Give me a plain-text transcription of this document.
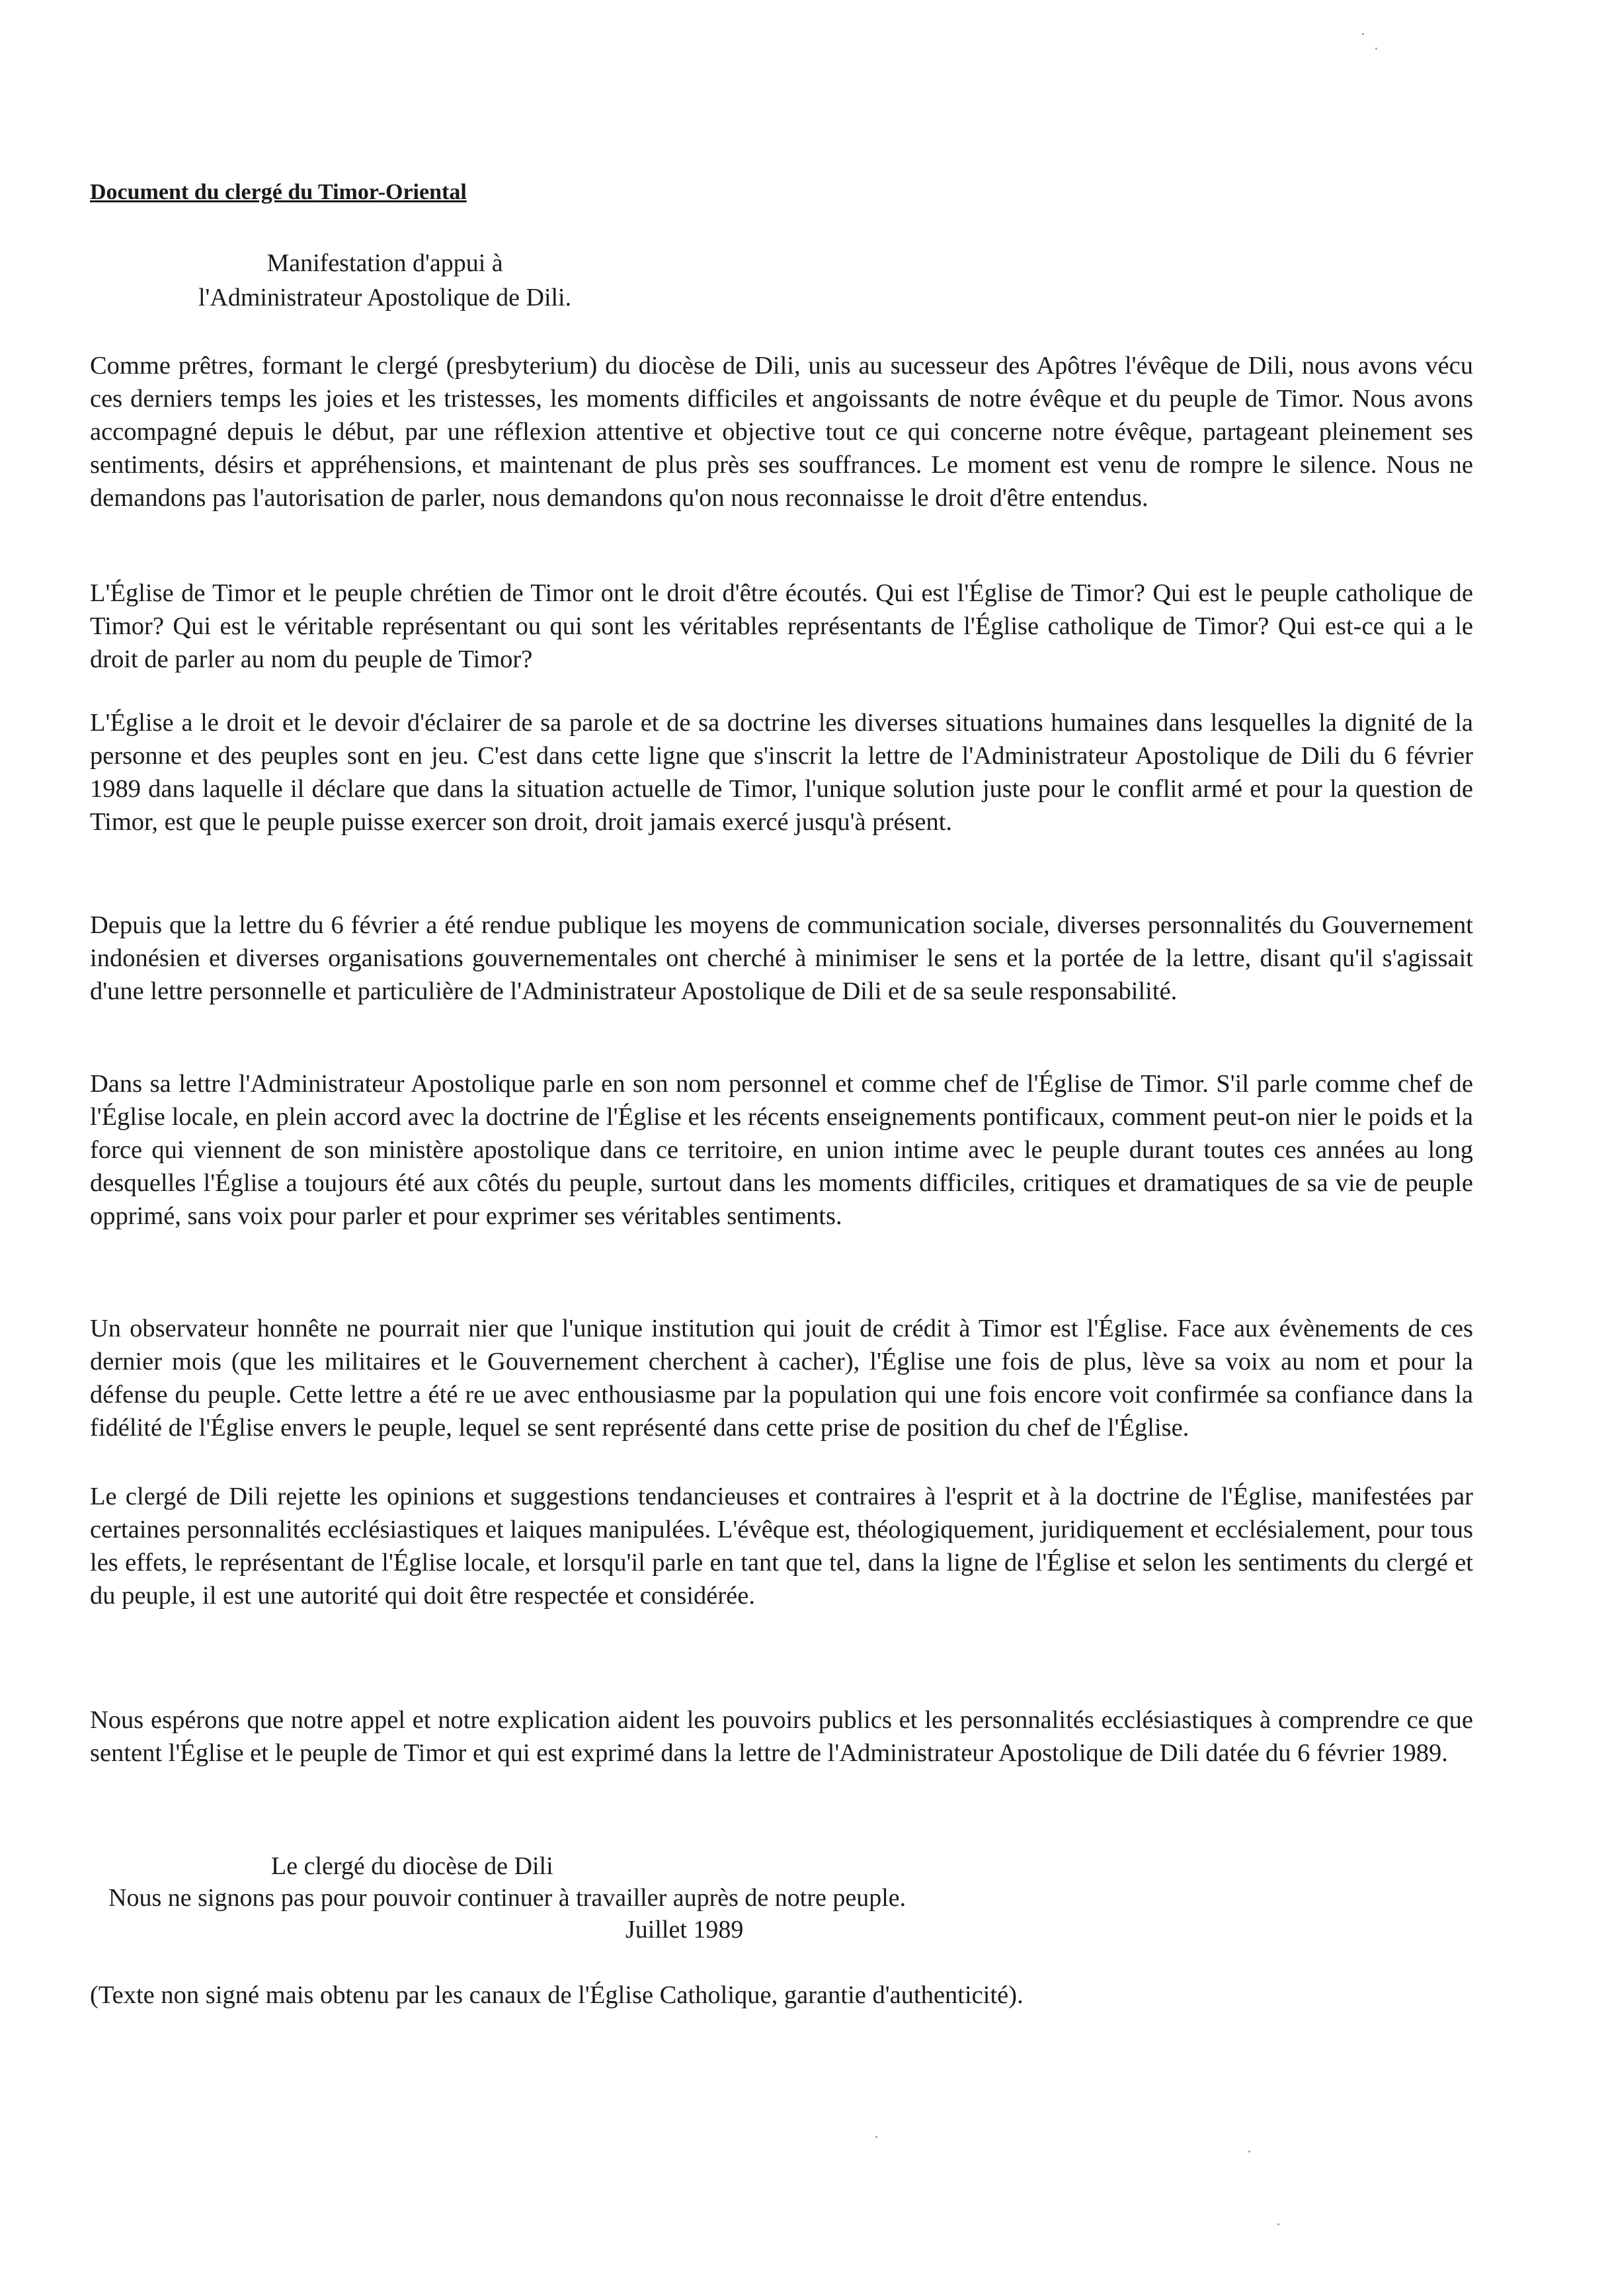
Document du clergé du Timor-Oriental
Manifestation d'appui à
l'Administrateur Apostolique de Dili.

Comme prêtres, formant le clergé (presbyterium) du diocèse de Dili, unis au sucesseur des Apôtres l'évêque de Dili, nous avons vécu ces derniers temps les joies et les tristesses, les moments difficiles et angoissants de notre évêque et du peuple de Timor. Nous avons accompagné depuis le début, par une réflexion attentive et objective tout ce qui concerne notre évêque, partageant pleinement ses sentiments, désirs et appréhensions, et maintenant de plus près ses souffrances. Le moment est venu de rompre le silence. Nous ne demandons pas l'autorisation de parler, nous demandons qu'on nous reconnaisse le droit d'être entendus.

L'Église de Timor et le peuple chrétien de Timor ont le droit d'être écoutés. Qui est l'Église de Timor? Qui est le peuple catholique de Timor? Qui est le véritable représentant ou qui sont les véritables représentants de l'Église catholique de Timor? Qui est-ce qui a le droit de parler au nom du peuple de Timor?

L'Église a le droit et le devoir d'éclairer de sa parole et de sa doctrine les diverses situations humaines dans lesquelles la dignité de la personne et des peuples sont en jeu. C'est dans cette ligne que s'inscrit la lettre de l'Administrateur Apostolique de Dili du 6 février 1989 dans laquelle il déclare que dans la situation actuelle de Timor, l'unique solution juste pour le conflit armé et pour la question de Timor, est que le peuple puisse exercer son droit, droit jamais exercé jusqu'à présent.

Depuis que la lettre du 6 février a été rendue publique les moyens de communication sociale, diverses personnalités du Gouvernement indonésien et diverses organisations gouvernementales ont cherché à minimiser le sens et la portée de la lettre, disant qu'il s'agissait d'une lettre personnelle et particulière de l'Administrateur Apostolique de Dili et de sa seule responsabilité.

Dans sa lettre l'Administrateur Apostolique parle en son nom personnel et comme chef de l'Église de Timor. S'il parle comme chef de l'Église locale, en plein accord avec la doctrine de l'Église et les récents enseignements pontificaux, comment peut-on nier le poids et la force qui viennent de son ministère apostolique dans ce territoire, en union intime avec le peuple durant toutes ces années au long desquelles l'Église a toujours été aux côtés du peuple, surtout dans les moments difficiles, critiques et dramatiques de sa vie de peuple opprimé, sans voix pour parler et pour exprimer ses véritables sentiments.

Un observateur honnête ne pourrait nier que l'unique institution qui jouit de crédit à Timor est l'Église. Face aux évènements de ces dernier mois (que les militaires et le Gouvernement cherchent à cacher), l'Église une fois de plus, lève sa voix au nom et pour la défense du peuple. Cette lettre a été re ue avec enthousiasme par la population qui une fois encore voit confirmée sa confiance dans la fidélité de l'Église envers le peuple, lequel se sent représenté dans cette prise de position du chef de l'Église.

Le clergé de Dili rejette les opinions et suggestions tendancieuses et contraires à l'esprit et à la doctrine de l'Église, manifestées par certaines personnalités ecclésiastiques et laiques manipulées. L'évêque est, théologiquement, juridiquement et ecclésialement, pour tous les effets, le représentant de l'Église locale, et lorsqu'il parle en tant que tel, dans la ligne de l'Église et selon les sentiments du clergé et du peuple, il est une autorité qui doit être respectée et considérée.

Nous espérons que notre appel et notre explication aident les pouvoirs publics et les personnalités ecclésiastiques à comprendre ce que sentent l'Église et le peuple de Timor et qui est exprimé dans la lettre de l'Administrateur Apostolique de Dili datée du 6 février 1989.

Le clergé du diocèse de Dili
Nous ne signons pas pour pouvoir continuer à travailler auprès de notre peuple.
Juillet 1989
(Texte non signé mais obtenu par les canaux de l'Église Catholique, garantie d'authenticité).
